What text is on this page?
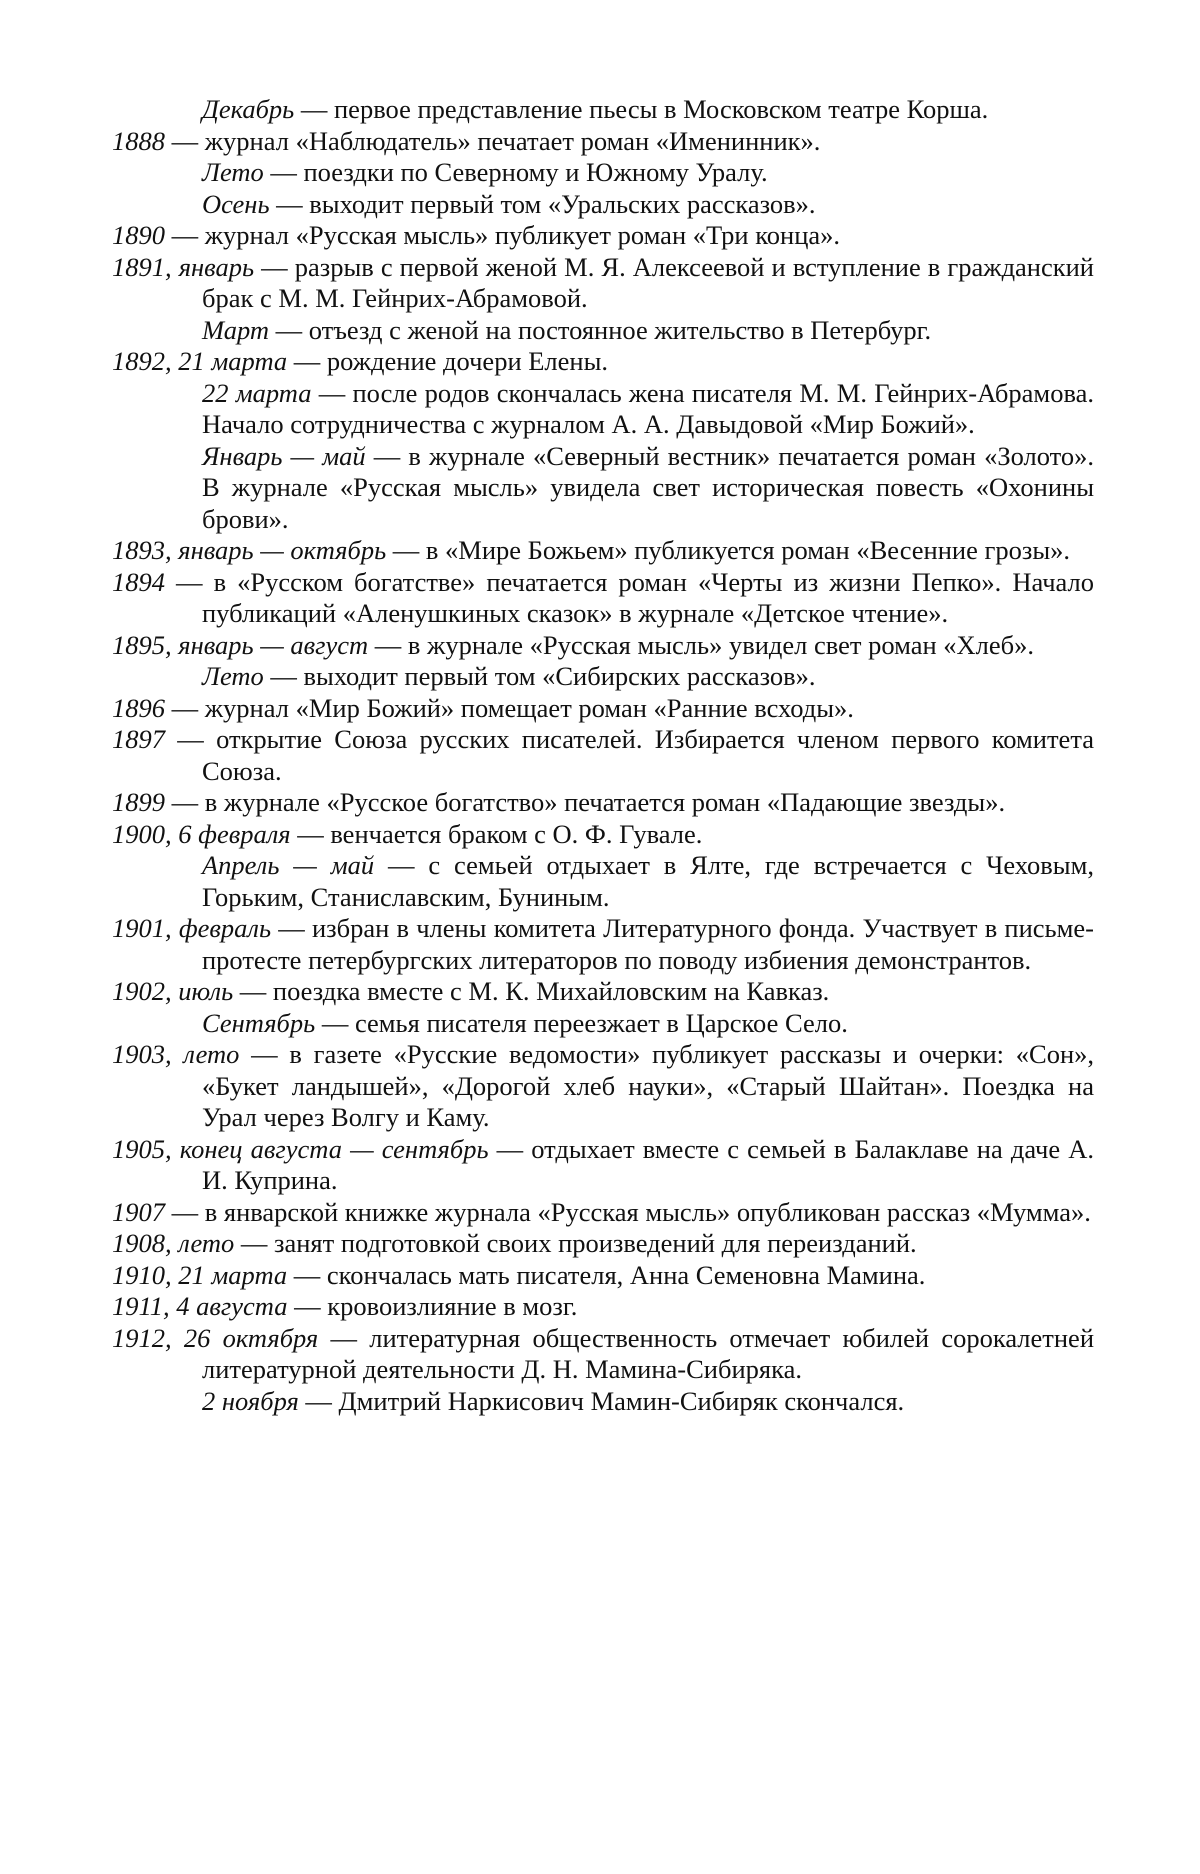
Декабрь — первое представление пьесы в Московском театре Корша.
1888 — журнал «Наблюдатель» печатает роман «Именинник».
Лето — поездки по Северному и Южному Уралу.
Осень — выходит первый том «Уральских рассказов».
1890 — журнал «Русская мысль» публикует роман «Три конца».
1891, январь — разрыв с первой женой М. Я. Алексеевой и вступление в гражданский брак с М. М. Гейнрих-Абрамовой.
Март — отъезд с женой на постоянное жительство в Петербург.
1892, 21 марта — рождение дочери Елены.
22 марта — после родов скончалась жена писателя М. М. Гейнрих-Абрамова. Начало сотрудничества с журналом А. А. Давыдовой «Мир Божий».
Январь — май — в журнале «Северный вестник» печатается роман «Золото». В журнале «Русская мысль» увидела свет историческая повесть «Охонины брови».
1893, январь — октябрь — в «Мире Божьем» публикуется роман «Весенние грозы».
1894 — в «Русском богатстве» печатается роман «Черты из жизни Пепко». Начало публикаций «Аленушкиных сказок» в журнале «Детское чтение».
1895, январь — август — в журнале «Русская мысль» увидел свет роман «Хлеб».
Лето — выходит первый том «Сибирских рассказов».
1896 — журнал «Мир Божий» помещает роман «Ранние всходы».
1897 — открытие Союза русских писателей. Избирается членом первого комитета Союза.
1899 — в журнале «Русское богатство» печатается роман «Падающие звезды».
1900, 6 февраля — венчается браком с О. Ф. Гувале.
Апрель — май — с семьей отдыхает в Ялте, где встречается с Чеховым, Горьким, Станиславским, Буниным.
1901, февраль — избран в члены комитета Литературного фонда. Участвует в письме-протесте петербургских литераторов по поводу избиения демонстрантов.
1902, июль — поездка вместе с М. К. Михайловским на Кавказ.
Сентябрь — семья писателя переезжает в Царское Село.
1903, лето — в газете «Русские ведомости» публикует рассказы и очерки: «Сон», «Букет ландышей», «Дорогой хлеб науки», «Старый Шайтан». Поездка на Урал через Волгу и Каму.
1905, конец августа — сентябрь — отдыхает вместе с семьей в Балаклаве на даче А. И. Куприна.
1907 — в январской книжке журнала «Русская мысль» опубликован рассказ «Мумма».
1908, лето — занят подготовкой своих произведений для переизданий.
1910, 21 марта — скончалась мать писателя, Анна Семеновна Мамина.
1911, 4 августа — кровоизлияние в мозг.
1912, 26 октября — литературная общественность отмечает юбилей сорокалетней литературной деятельности Д. Н. Мамина-Сибиряка.
2 ноября — Дмитрий Наркисович Мамин-Сибиряк скончался.
